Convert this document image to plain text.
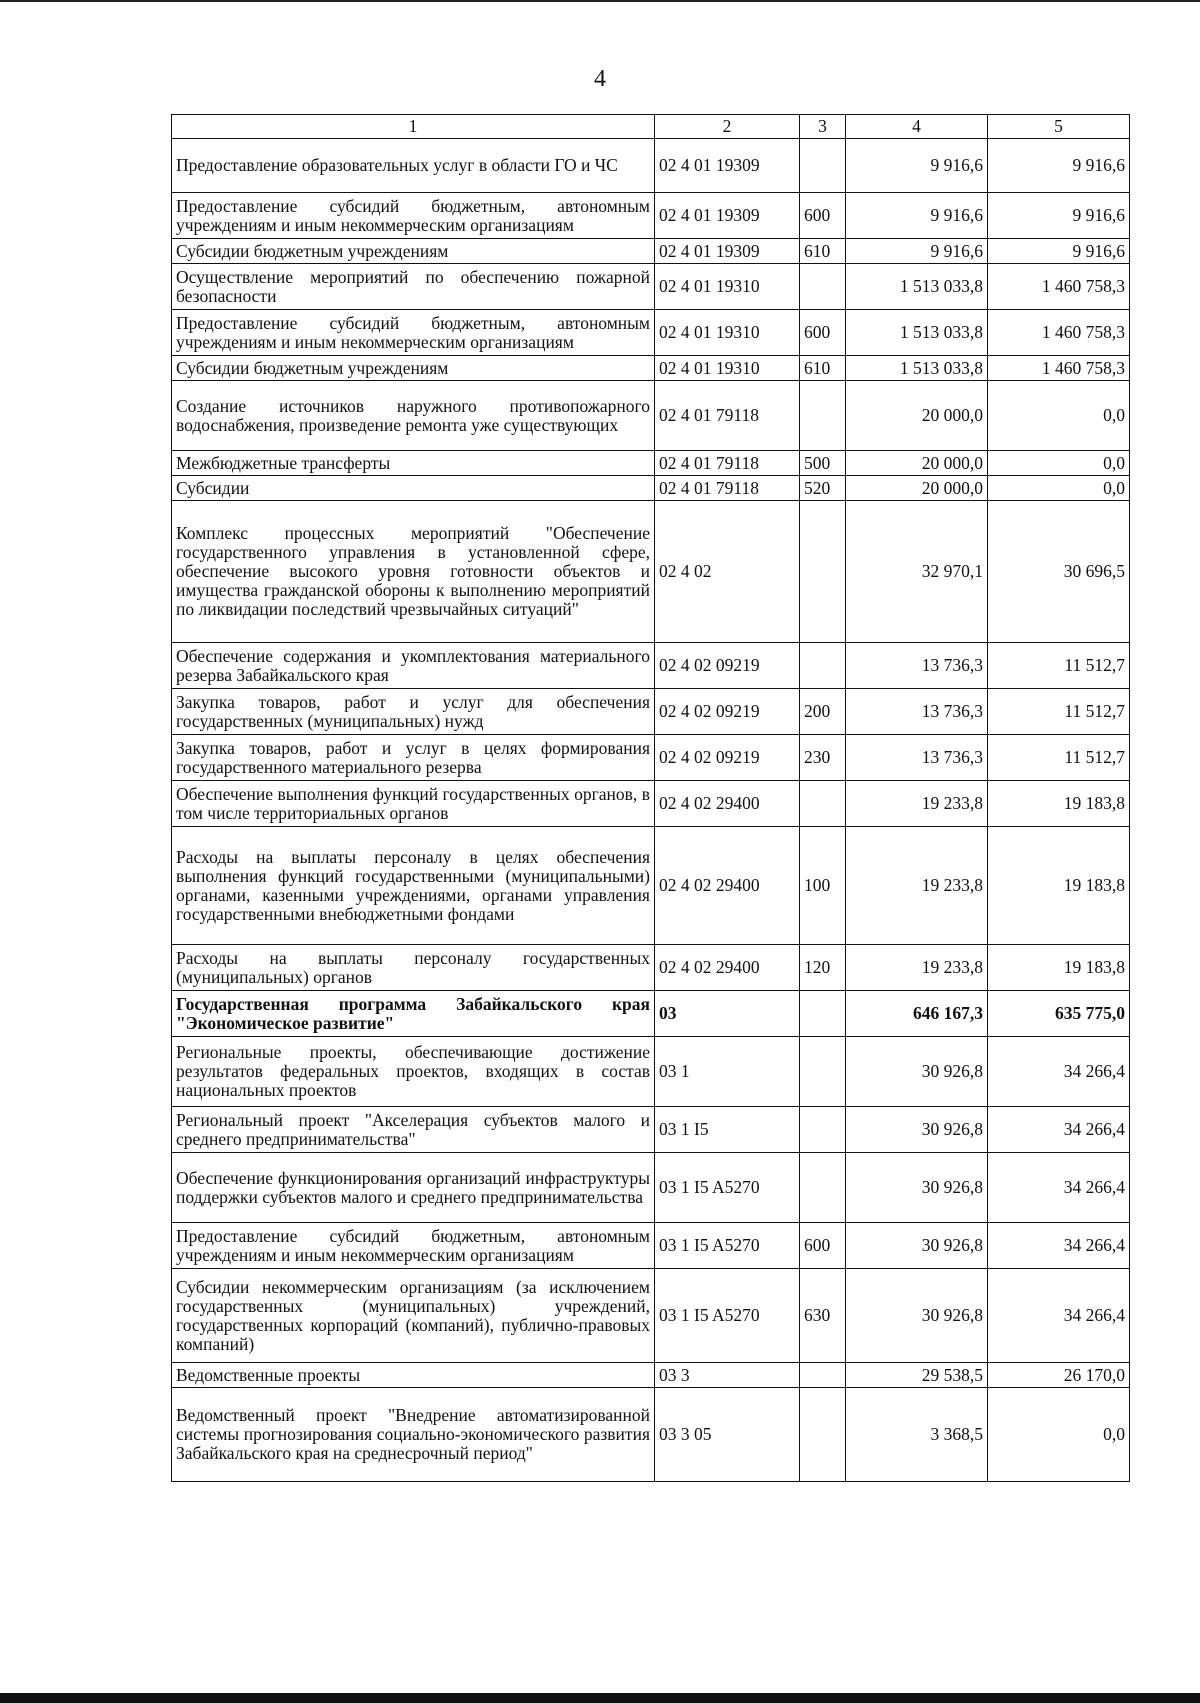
4
1	2	3	4	5
Предоставление образовательных услуг в области ГО и ЧС	02 4 01 19309		9 916,6	9 916,6
Предоставление субсидий бюджетным, автономным учреждениям и иным некоммерческим организациям	02 4 01 19309	600	9 916,6	9 916,6
Субсидии бюджетным учреждениям	02 4 01 19309	610	9 916,6	9 916,6
Осуществление мероприятий по обеспечению пожарной безопасности	02 4 01 19310		1 513 033,8	1 460 758,3
Предоставление субсидий бюджетным, автономным учреждениям и иным некоммерческим организациям	02 4 01 19310	600	1 513 033,8	1 460 758,3
Субсидии бюджетным учреждениям	02 4 01 19310	610	1 513 033,8	1 460 758,3
Создание источников наружного противопожарного водоснабжения, произведение ремонта уже существующих	02 4 01 79118		20 000,0	0,0
Межбюджетные трансферты	02 4 01 79118	500	20 000,0	0,0
Субсидии	02 4 01 79118	520	20 000,0	0,0
Комплекс процессных мероприятий "Обеспечение государственного управления в установленной сфере, обеспечение высокого уровня готовности объектов и имущества гражданской обороны к выполнению мероприятий по ликвидации последствий чрезвычайных ситуаций"	02 4 02		32 970,1	30 696,5
Обеспечение содержания и укомплектования материального резерва Забайкальского края	02 4 02 09219		13 736,3	11 512,7
Закупка товаров, работ и услуг для обеспечения государственных (муниципальных) нужд	02 4 02 09219	200	13 736,3	11 512,7
Закупка товаров, работ и услуг в целях формирования государственного материального резерва	02 4 02 09219	230	13 736,3	11 512,7
Обеспечение выполнения функций государственных органов, в том числе территориальных органов	02 4 02 29400		19 233,8	19 183,8
Расходы на выплаты персоналу в целях обеспечения выполнения функций государственными (муниципальными) органами, казенными учреждениями, органами управления государственными внебюджетными фондами	02 4 02 29400	100	19 233,8	19 183,8
Расходы на выплаты персоналу государственных (муниципальных) органов	02 4 02 29400	120	19 233,8	19 183,8
Государственная программа Забайкальского края "Экономическое развитие"	03		646 167,3	635 775,0
Региональные проекты, обеспечивающие достижение результатов федеральных проектов, входящих в состав национальных проектов	03 1		30 926,8	34 266,4
Региональный проект "Акселерация субъектов малого и среднего предпринимательства"	03 1 I5		30 926,8	34 266,4
Обеспечение функционирования организаций инфраструктуры поддержки субъектов малого и среднего предпринимательства	03 1 I5 A5270		30 926,8	34 266,4
Предоставление субсидий бюджетным, автономным учреждениям и иным некоммерческим организациям	03 1 I5 A5270	600	30 926,8	34 266,4
Субсидии некоммерческим организациям (за исключением государственных (муниципальных) учреждений, государственных корпораций (компаний), публично-правовых компаний)	03 1 I5 A5270	630	30 926,8	34 266,4
Ведомственные проекты	03 3		29 538,5	26 170,0
Ведомственный проект "Внедрение автоматизированной системы прогнозирования социально-экономического развития Забайкальского края на среднесрочный период"	03 3 05		3 368,5	0,0
